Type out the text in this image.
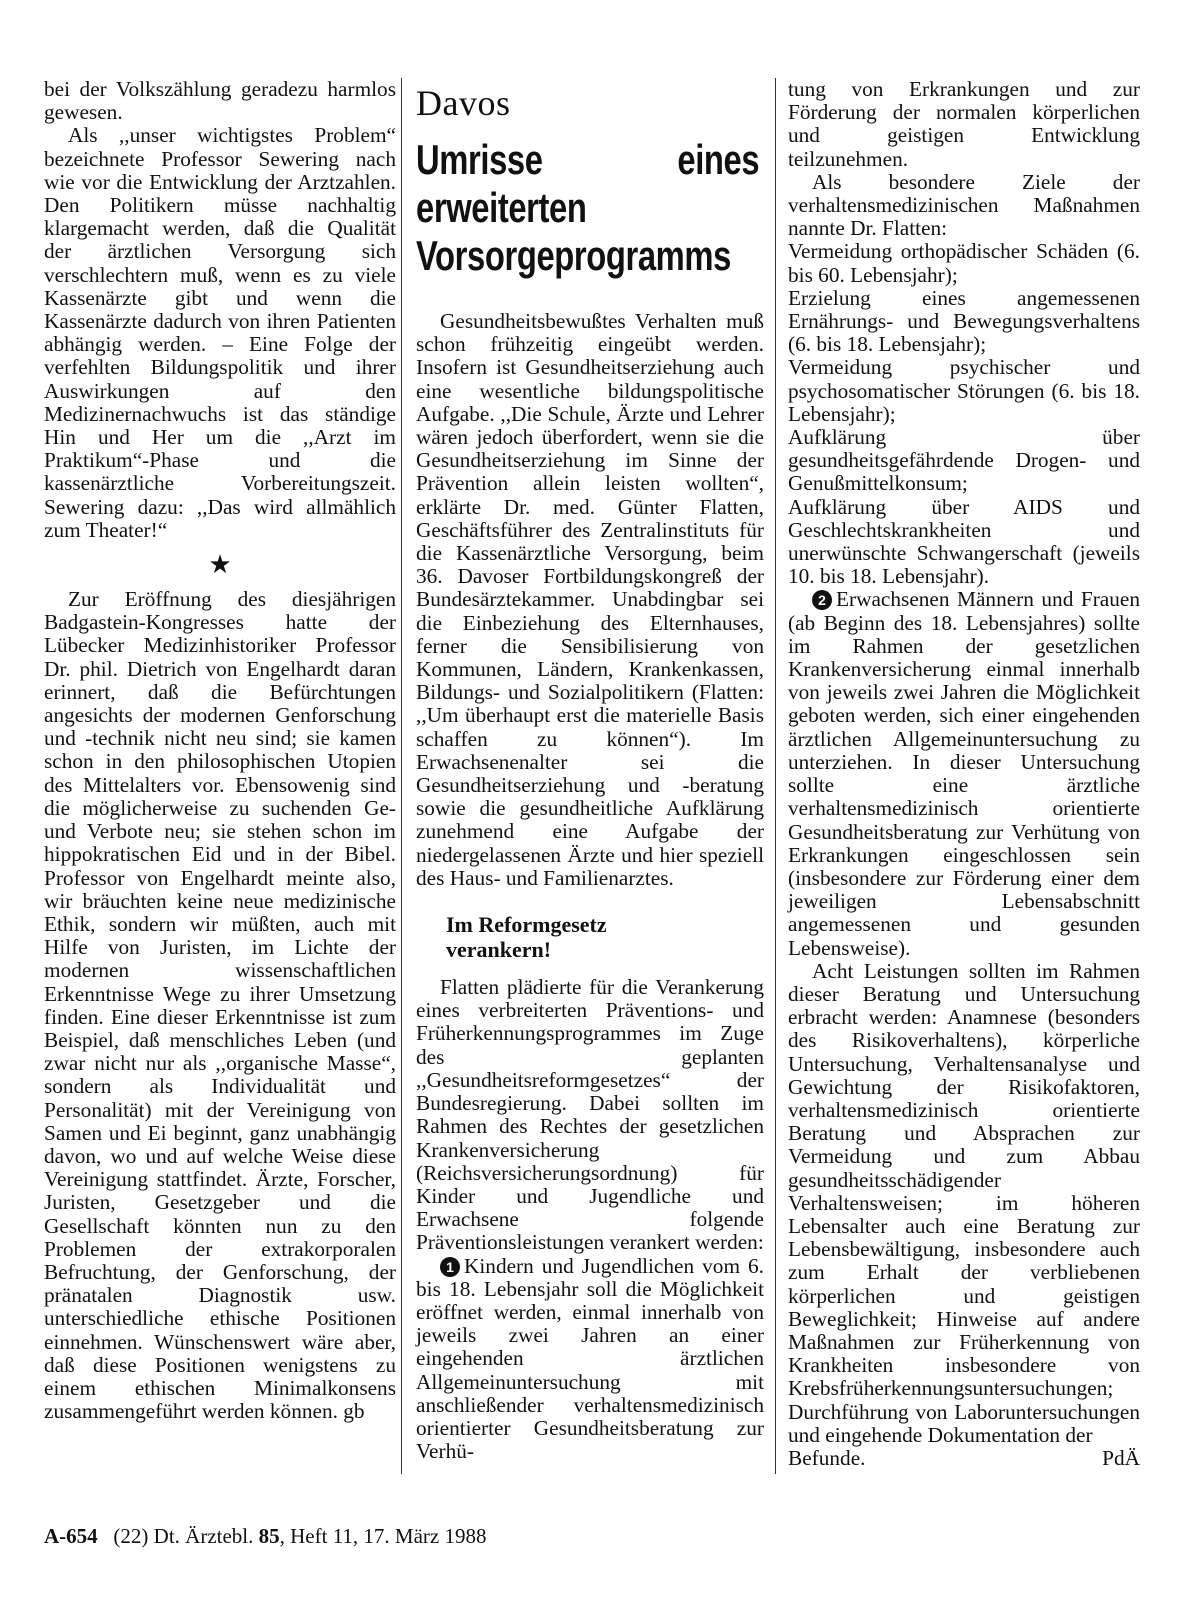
bei der Volkszählung geradezu harmlos gewesen.

Als ,,unser wichtigstes Problem“ bezeichnete Professor Sewering nach wie vor die Entwicklung der Arztzahlen. Den Politikern müsse nachhaltig klargemacht werden, daß die Qualität der ärztlichen Versorgung sich verschlechtern muß, wenn es zu viele Kassenärzte gibt und wenn die Kassenärzte dadurch von ihren Patienten abhängig werden. – Eine Folge der verfehlten Bildungspolitik und ihrer Auswirkungen auf den Medizinernachwuchs ist das ständige Hin und Her um die ,,Arzt im Praktikum“-Phase und die kassenärztliche Vorbereitungszeit. Sewering dazu: ,,Das wird allmählich zum Theater!“

★

Zur Eröffnung des diesjährigen Badgastein-Kongresses hatte der Lübecker Medizinhistoriker Professor Dr. phil. Dietrich von Engelhardt daran erinnert, daß die Befürchtungen angesichts der modernen Genforschung und -technik nicht neu sind; sie kamen schon in den philosophischen Utopien des Mittelalters vor. Ebensowenig sind die möglicherweise zu suchenden Ge- und Verbote neu; sie stehen schon im hippokratischen Eid und in der Bibel. Professor von Engelhardt meinte also, wir bräuchten keine neue medizinische Ethik, sondern wir müßten, auch mit Hilfe von Juristen, im Lichte der modernen wissenschaftlichen Erkenntnisse Wege zu ihrer Umsetzung finden. Eine dieser Erkenntnisse ist zum Beispiel, daß menschliches Leben (und zwar nicht nur als ,,organische Masse“, sondern als Individualität und Personalität) mit der Vereinigung von Samen und Ei beginnt, ganz unabhängig davon, wo und auf welche Weise diese Vereinigung stattfindet. Ärzte, Forscher, Juristen, Gesetzgeber und die Gesellschaft könnten nun zu den Problemen der extrakorporalen Befruchtung, der Genforschung, der pränatalen Diagnostik usw. unterschiedliche ethische Positionen einnehmen. Wünschenswert wäre aber, daß diese Positionen wenigstens zu einem ethischen Minimalkonsens zusammengeführt werden können. gb

Davos
Umrisse eines erweiterten Vorsorgeprogramms

Gesundheitsbewußtes Verhalten muß schon frühzeitig eingeübt werden. Insofern ist Gesundheitserziehung auch eine wesentliche bildungspolitische Aufgabe. ,,Die Schule, Ärzte und Lehrer wären jedoch überfordert, wenn sie die Gesundheitserziehung im Sinne der Prävention allein leisten wollten“, erklärte Dr. med. Günter Flatten, Geschäftsführer des Zentralinstituts für die Kassenärztliche Versorgung, beim 36. Davoser Fortbildungskongreß der Bundesärztekammer. Unabdingbar sei die Einbeziehung des Elternhauses, ferner die Sensibilisierung von Kommunen, Ländern, Krankenkassen, Bildungs- und Sozialpolitikern (Flatten: ,,Um überhaupt erst die materielle Basis schaffen zu können“). Im Erwachsenenalter sei die Gesundheitserziehung und -beratung sowie die gesundheitliche Aufklärung zunehmend eine Aufgabe der niedergelassenen Ärzte und hier speziell des Haus- und Familienarztes.

Im Reformgesetz
verankern!

Flatten plädierte für die Verankerung eines verbreiterten Präventions- und Früherkennungsprogrammes im Zuge des geplanten ,,Gesundheitsreformgesetzes“ der Bundesregierung. Dabei sollten im Rahmen des Rechtes der gesetzlichen Krankenversicherung (Reichsversicherungsordnung) für Kinder und Jugendliche und Erwachsene folgende Präventionsleistungen verankert werden:

1 Kindern und Jugendlichen vom 6. bis 18. Lebensjahr soll die Möglichkeit eröffnet werden, einmal innerhalb von jeweils zwei Jahren an einer eingehenden ärztlichen Allgemeinuntersuchung mit anschließender verhaltensmedizinisch orientierter Gesundheitsberatung zur Verhü-

tung von Erkrankungen und zur Förderung der normalen körperlichen und geistigen Entwicklung teilzunehmen.

Als besondere Ziele der verhaltensmedizinischen Maßnahmen nannte Dr. Flatten:

Vermeidung orthopädischer Schäden (6. bis 60. Lebensjahr);

Erzielung eines angemessenen Ernährungs- und Bewegungsverhaltens (6. bis 18. Lebensjahr);

Vermeidung psychischer und psychosomatischer Störungen (6. bis 18. Lebensjahr);

Aufklärung über gesundheitsgefährdende Drogen- und Genußmittelkonsum;

Aufklärung über AIDS und Geschlechtskrankheiten und unerwünschte Schwangerschaft (jeweils 10. bis 18. Lebensjahr).

2 Erwachsenen Männern und Frauen (ab Beginn des 18. Lebensjahres) sollte im Rahmen der gesetzlichen Krankenversicherung einmal innerhalb von jeweils zwei Jahren die Möglichkeit geboten werden, sich einer eingehenden ärztlichen Allgemeinuntersuchung zu unterziehen. In dieser Untersuchung sollte eine ärztliche verhaltensmedizinisch orientierte Gesundheitsberatung zur Verhütung von Erkrankungen eingeschlossen sein (insbesondere zur Förderung einer dem jeweiligen Lebensabschnitt angemessenen und gesunden Lebensweise).

Acht Leistungen sollten im Rahmen dieser Beratung und Untersuchung erbracht werden: Anamnese (besonders des Risikoverhaltens), körperliche Untersuchung, Verhaltensanalyse und Gewichtung der Risikofaktoren, verhaltensmedizinisch orientierte Beratung und Absprachen zur Vermeidung und zum Abbau gesundheitsschädigender Verhaltensweisen; im höheren Lebensalter auch eine Beratung zur Lebensbewältigung, insbesondere auch zum Erhalt der verbliebenen körperlichen und geistigen Beweglichkeit; Hinweise auf andere Maßnahmen zur Früherkennung von Krankheiten insbesondere von Krebsfrüherkennungsuntersuchungen; Durchführung von Laboruntersuchungen und eingehende Dokumentation der

Befunde.	PdÄ
A-654 (22) Dt. Ärztebl. 85, Heft 11, 17. März 1988
